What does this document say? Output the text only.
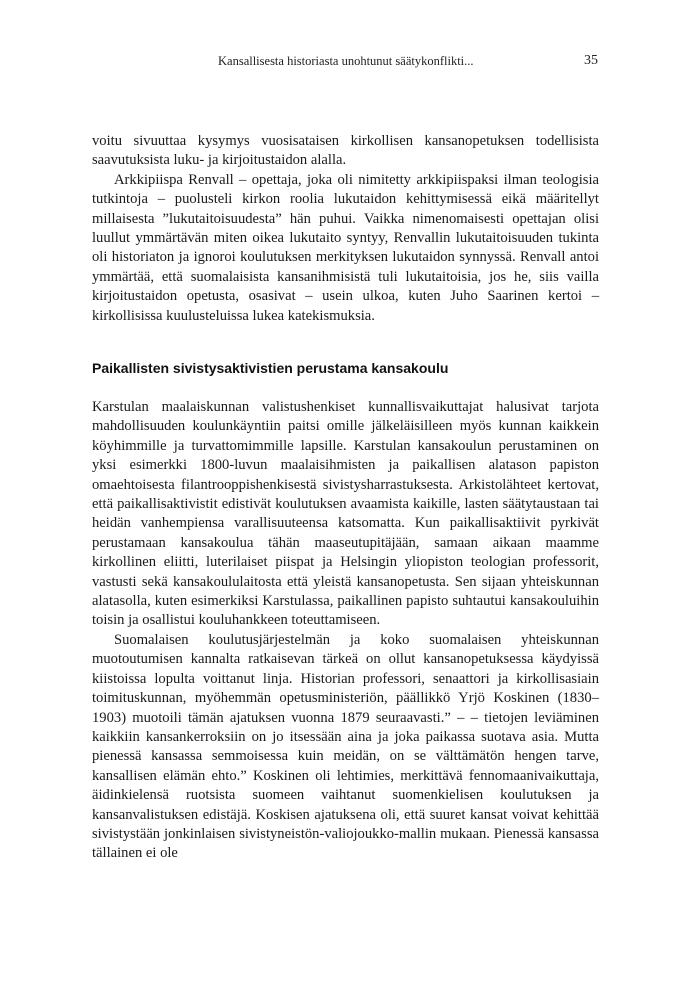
Kansallisesta historiasta unohtunut säätykonflikti...	35

voitu sivuuttaa kysymys vuosisataisen kirkollisen kansanopetuksen todellisista saavutuksista luku- ja kirjoitustaidon alalla.

Arkkipiispa Renvall – opettaja, joka oli nimitetty arkkipiispaksi ilman teologisia tutkintoja – puolusteli kirkon roolia lukutaidon kehittymisessä eikä määritellyt millaisesta ”lukutaitoisuudesta” hän puhui. Vaikka nimenomaisesti opettajan olisi luullut ymmärtävän miten oikea lukutaito syntyy, Renvallin lukutaitoisuuden tukinta oli historiaton ja ignoroi koulutuksen merkityksen lukutaidon synnyssä. Renvall antoi ymmärtää, että suomalaisista kansanihmisistä tuli lukutaitoisia, jos he, siis vailla kirjoitustaidon opetusta, osasivat – usein ulkoa, kuten Juho Saarinen kertoi – kirkollisissa kuulusteluissa lukea katekismuksia.

Paikallisten sivistysaktivistien perustama kansakoulu

Karstulan maalaiskunnan valistushenkiset kunnallisvaikuttajat halusivat tarjota mahdollisuuden koulunkäyntiin paitsi omille jälkeläisilleen myös kunnan kaikkein köyhimmille ja turvattomimmille lapsille. Karstulan kansakoulun perustaminen on yksi esimerkki 1800-luvun maalaisihmisten ja paikallisen alatason papiston omaehtoisesta filantrooppishenkisestä sivistysharrastuksesta. Arkistolähteet kertovat, että paikallisaktivistit edistivät koulutuksen avaamista kaikille, lasten säätytaustaan tai heidän vanhempiensa varallisuuteensa katsomatta. Kun paikallisaktiivit pyrkivät perustamaan kansakoulua tähän maaseutupitäjään, samaan aikaan maamme kirkollinen eliitti, luterilaiset piispat ja Helsingin yliopiston teologian professorit, vastusti sekä kansakoululaitosta että yleistä kansanopetusta. Sen sijaan yhteiskunnan alatasolla, kuten esimerkiksi Karstulassa, paikallinen papisto suhtautui kansakouluihin toisin ja osallistui kouluhankkeen toteuttamiseen.

Suomalaisen koulutusjärjestelmän ja koko suomalaisen yhteiskunnan muotoutumisen kannalta ratkaisevan tärkeä on ollut kansanopetuksessa käydyissä kiistoissa lopulta voittanut linja. Historian professori, senaattori ja kirkollisasiain toimituskunnan, myöhemmän opetusministeriön, päällikkö Yrjö Koskinen (1830–1903) muotoili tämän ajatuksen vuonna 1879 seuraavasti.” – – tietojen leviäminen kaikkiin kansankerroksiin on jo itsessään aina ja joka paikassa suotava asia. Mutta pienessä kansassa semmoisessa kuin meidän, on se välttämätön hengen tarve, kansallisen elämän ehto.” Koskinen oli lehtimies, merkittävä fennomaanivaikuttaja, äidinkielensä ruotsista suomeen vaihtanut suomenkielisen koulutuksen ja kansanvalistuksen edistäjä. Koskisen ajatuksena oli, että suuret kansat voivat kehittää sivistystään jonkinlaisen sivistyneistön-valiojoukko-mallin mukaan. Pienessä kansassa tällainen ei ole
